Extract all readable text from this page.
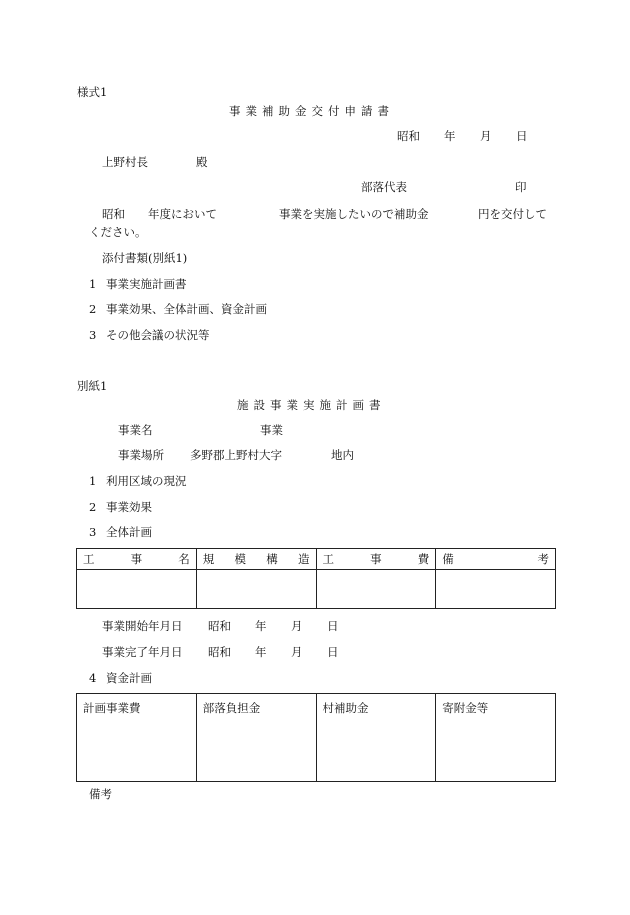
様式1
事業補助金交付申請書
昭和 年 月 日
上野村長	殿
部落代表	印
昭和 年度において	事業を実施したいので補助金	円を交付して
ください。
添付書類(別紙1)
1 事業実施計画書
2 事業効果、全体計画、資金計画
3 その他会議の状況等
別紙1
施設事業実施計画書
事業名	事業
事業場所 多野郡上野村大字	地内
1 利用区域の現況
2 事業効果
3 全体計画
工 事 名	規 模 構 造	工 事 費	備 考

事業開始年月日 昭和 年 月 日
事業完了年月日 昭和 年 月 日
4 資金計画
計画事業費	部落負担金	村補助金	寄附金等
備考
